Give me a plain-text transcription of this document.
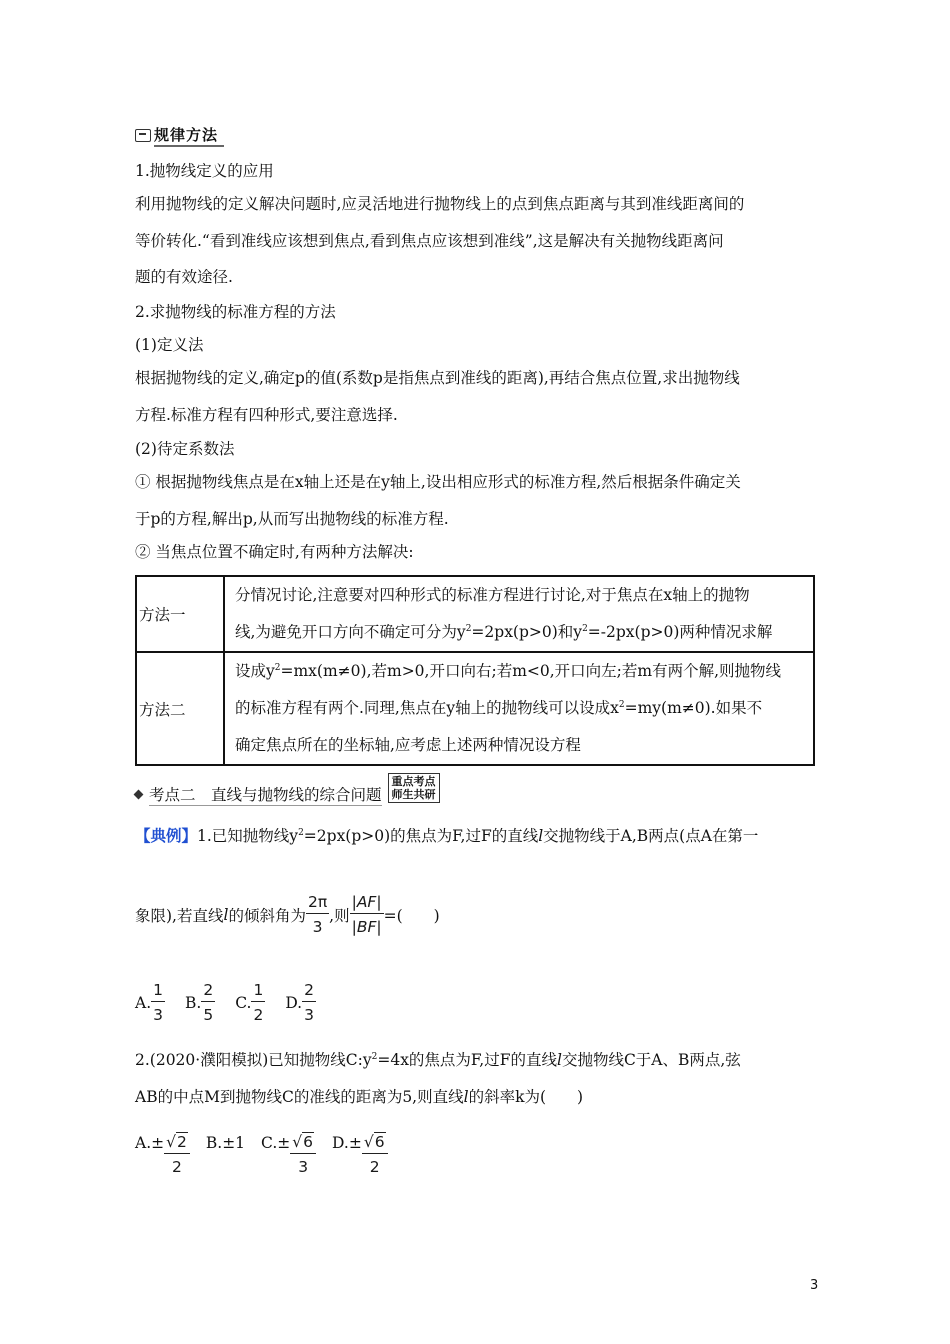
规律方法
1.抛物线定义的应用
利用抛物线的定义解决问题时,应灵活地进行抛物线上的点到焦点距离与其到准线距离间的
等价转化.“看到准线应该想到焦点,看到焦点应该想到准线”,这是解决有关抛物线距离问
题的有效途径.
2.求抛物线的标准方程的方法
(1)定义法
根据抛物线的定义,确定p的值(系数p是指焦点到准线的距离),再结合焦点位置,求出抛物线
方程.标准方程有四种形式,要注意选择.
(2)待定系数法
① 根据抛物线焦点是在x轴上还是在y轴上,设出相应形式的标准方程,然后根据条件确定关
于p的方程,解出p,从而写出抛物线的标准方程.
② 当焦点位置不确定时,有两种方法解决:
方法一	分情况讨论,注意要对四种形式的标准方程进行讨论,对于焦点在x轴上的抛物
线,为避免开口方向不确定可分为$y^2=2px(p>0)$和$y^2=-2px(p>0)$两种情况求解

方法二	设成$y^2=mx(m\ne 0)$,若m>0,开口向右;若m<0,开口向左;若m有两个解,则抛物线
的标准方程有两个.同理,焦点在y轴上的抛物线可以设成$x^2=my(m\ne 0)$.如果不
确定焦点所在的坐标轴,应考虑上述两种情况设方程
考点二　直线与抛物线的综合问题
重点考点
师生共研
【典例】1.已知抛物线$y^2=2px(p>0)$的焦点为F,过F的直线l交抛物线于A,B两点(点A在第一
象限),若直线 l 的倾斜角为 $\frac{2\pi}{3}$ ,则 $\frac{|AF|}{|BF|}$ =(　　)
A. $\frac{1}{3} B$. $\frac{2}{5} C$. $\frac{1}{2} D$. $\frac{2}{3}$
2.(2020·濮阳模拟)已知抛物线$C:y^2=4x$的焦点为F,过F的直线l交抛物线C于A、B两点,弦
AB的中点M到抛物线C的准线的距离为5,则直线l的斜率k为(　　)
$A.\pm \frac{√ 2}{2} B.\pm 1$ $C.\pm \frac{√ 6}{3} D.\pm \frac{√ 6}{2}$
3
